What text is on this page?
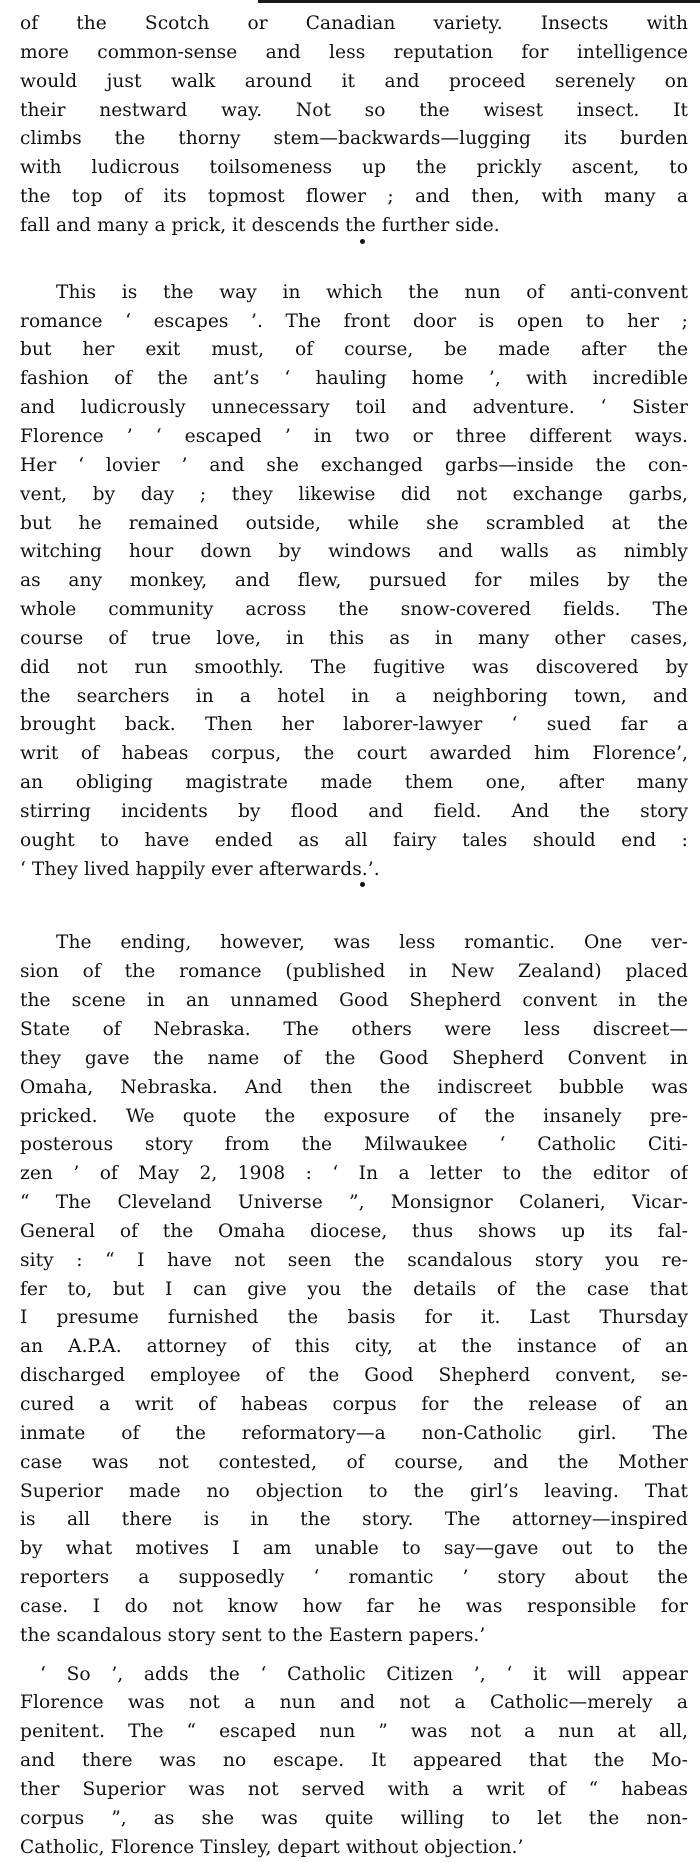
of the Scotch or Canadian variety. Insects with
more common-sense and less reputation for intelligence
would just walk around it and proceed serenely on
their nestward way. Not so the wisest insect. It
climbs the thorny stem—backwards—lugging its burden
with ludicrous toilsomeness up the prickly ascent, to
the top of its topmost flower ; and then, with many a
fall and many a prick, it descends the further side.
This is the way in which the nun of anti-convent
romance ‘ escapes ’. The front door is open to her ;
but her exit must, of course, be made after the
fashion of the ant’s ‘ hauling home ’, with incredible
and ludicrously unnecessary toil and adventure. ‘ Sister
Florence ’ ‘ escaped ’ in two or three different ways.
Her ‘ lovier ’ and she exchanged garbs—inside the con-
vent, by day ; they likewise did not exchange garbs,
but he remained outside, while she scrambled at the
witching hour down by windows and walls as nimbly
as any monkey, and flew, pursued for miles by the
whole community across the snow-covered fields. The
course of true love, in this as in many other cases,
did not run smoothly. The fugitive was discovered by
the searchers in a hotel in a neighboring town, and
brought back. Then her laborer-lawyer ‘ sued far a
writ of habeas corpus, the court awarded him Florence’,
an obliging magistrate made them one, after many
stirring incidents by flood and field. And the story
ought to have ended as all fairy tales should end :
‘ They lived happily ever afterwards.’.
The ending, however, was less romantic. One ver-
sion of the romance (published in New Zealand) placed
the scene in an unnamed Good Shepherd convent in the
State of Nebraska. The others were less discreet—
they gave the name of the Good Shepherd Convent in
Omaha, Nebraska. And then the indiscreet bubble was
pricked. We quote the exposure of the insanely pre-
posterous story from the Milwaukee ‘ Catholic Citi-
zen ’ of May 2, 1908 : ‘ In a letter to the editor of
“ The Cleveland Universe ”, Monsignor Colaneri, Vicar-
General of the Omaha diocese, thus shows up its fal-
sity : “ I have not seen the scandalous story you re-
fer to, but I can give you the details of the case that
I presume furnished the basis for it. Last Thursday
an A.P.A. attorney of this city, at the instance of an
discharged employee of the Good Shepherd convent, se-
cured a writ of habeas corpus for the release of an
inmate of the reformatory—a non-Catholic girl. The
case was not contested, of course, and the Mother
Superior made no objection to the girl’s leaving. That
is all there is in the story. The attorney—inspired
by what motives I am unable to say—gave out to the
reporters a supposedly ‘ romantic ’ story about the
case. I do not know how far he was responsible for
the scandalous story sent to the Eastern papers.’
‘ So ’, adds the ‘ Catholic Citizen ’, ‘ it will appear
Florence was not a nun and not a Catholic—merely a
penitent. The “ escaped nun ” was not a nun at all,
and there was no escape. It appeared that the Mo-
ther Superior was not served with a writ of “ habeas
corpus ”, as she was quite willing to let the non-
Catholic, Florence Tinsley, depart without objection.’
